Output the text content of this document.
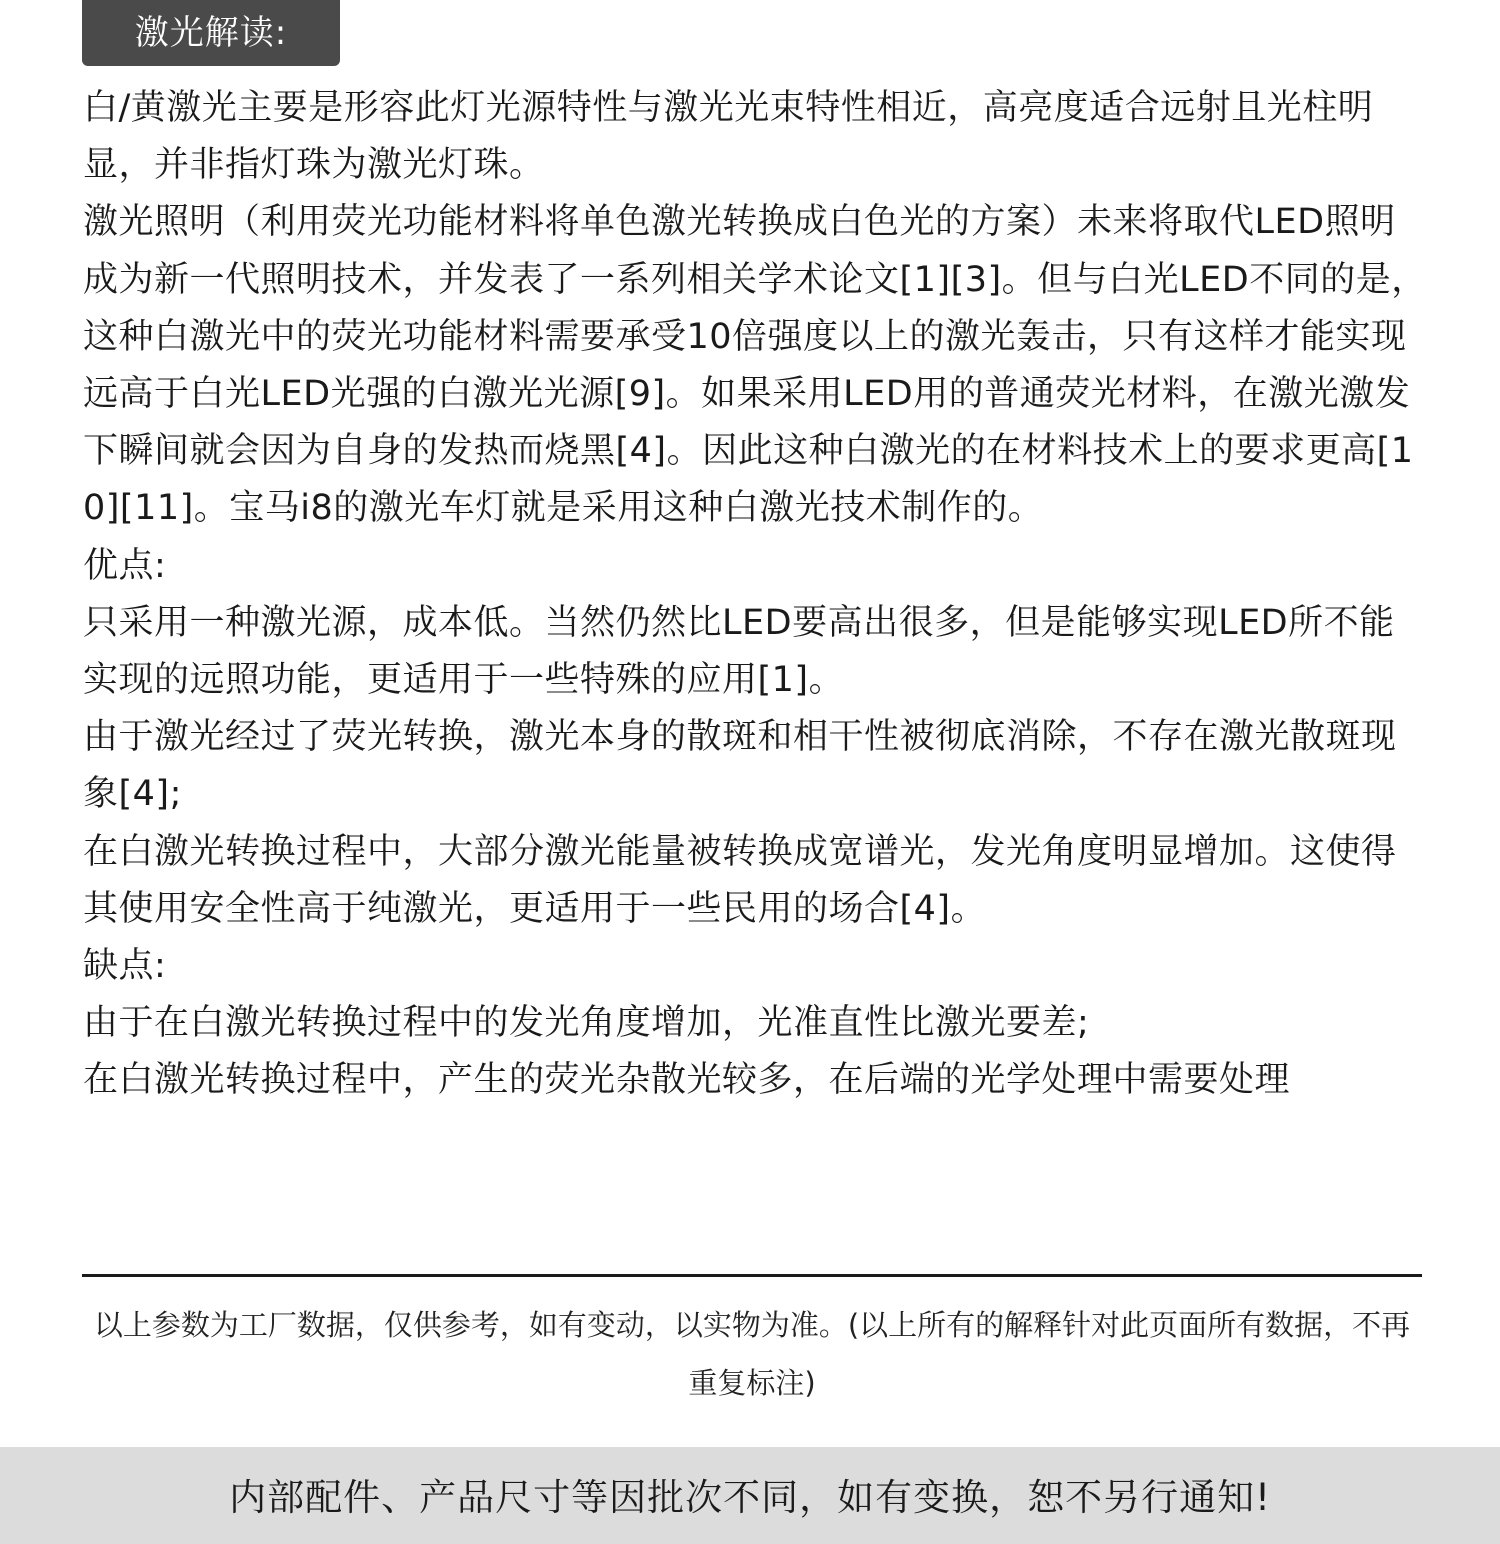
激光解读:

白/黄激光主要是形容此灯光源特性与激光光束特性相近，高亮度适合远射且光柱明显，并非指灯珠为激光灯珠。

激光照明（利用荧光功能材料将单色激光转换成白色光的方案）未来将取代LED照明成为新一代照明技术，并发表了一系列相关学术论文[1][3]。但与白光LED不同的是，这种白激光中的荧光功能材料需要承受10倍强度以上的激光轰击，只有这样才能实现远高于白光LED光强的白激光光源[9]。如果采用LED用的普通荧光材料，在激光激发下瞬间就会因为自身的发热而烧黑[4]。因此这种白激光的在材料技术上的要求更高[10][11]。宝马i8的激光车灯就是采用这种白激光技术制作的。

优点:

只采用一种激光源，成本低。当然仍然比LED要高出很多，但是能够实现LED所不能实现的远照功能，更适用于一些特殊的应用[1]。

由于激光经过了荧光转换，激光本身的散斑和相干性被彻底消除，不存在激光散斑现象[4];

在白激光转换过程中，大部分激光能量被转换成宽谱光，发光角度明显增加。这使得其使用安全性高于纯激光，更适用于一些民用的场合[4]。

缺点:

由于在白激光转换过程中的发光角度增加，光准直性比激光要差;

在白激光转换过程中，产生的荧光杂散光较多，在后端的光学处理中需要处理

以上参数为工厂数据，仅供参考，如有变动，以实物为准。(以上所有的解释针对此页面所有数据，不再重复标注)
内部配件、产品尺寸等因批次不同，如有变换，恕不另行通知!
